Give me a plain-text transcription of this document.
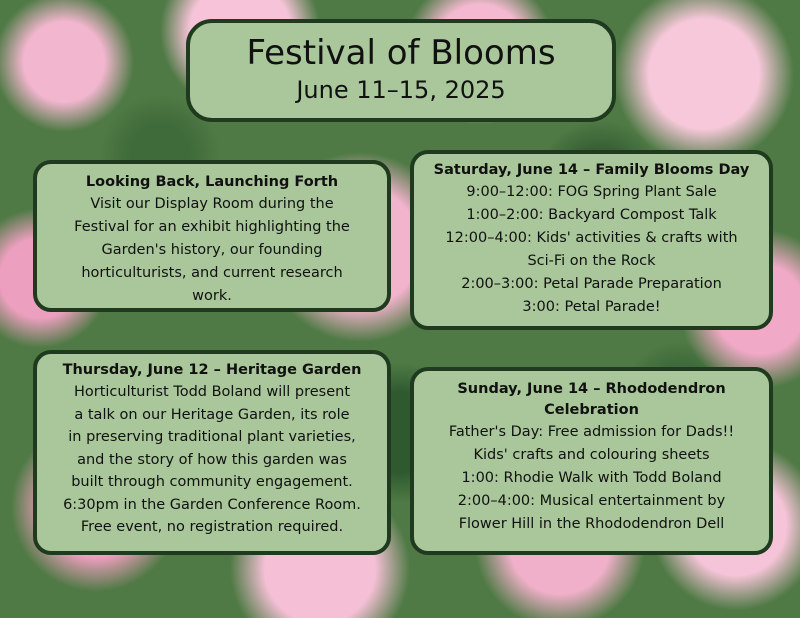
Festival of Blooms
June 11–15, 2025
Looking Back, Launching Forth
Visit our Display Room during the
Festival for an exhibit highlighting the
Garden's history, our founding
horticulturists, and current research
work.
Saturday, June 14 – Family Blooms Day
9:00–12:00: FOG Spring Plant Sale
1:00–2:00: Backyard Compost Talk
12:00–4:00: Kids' activities & crafts with
Sci-Fi on the Rock
2:00–3:00: Petal Parade Preparation
3:00: Petal Parade!
Thursday, June 12 – Heritage Garden
Horticulturist Todd Boland will present
a talk on our Heritage Garden, its role
in preserving traditional plant varieties,
and the story of how this garden was
built through community engagement.
6:30pm in the Garden Conference Room.
Free event, no registration required.
Sunday, June 14 – Rhododendron
Celebration
Father's Day: Free admission for Dads!!
Kids' crafts and colouring sheets
1:00: Rhodie Walk with Todd Boland
2:00–4:00: Musical entertainment by
Flower Hill in the Rhododendron Dell
